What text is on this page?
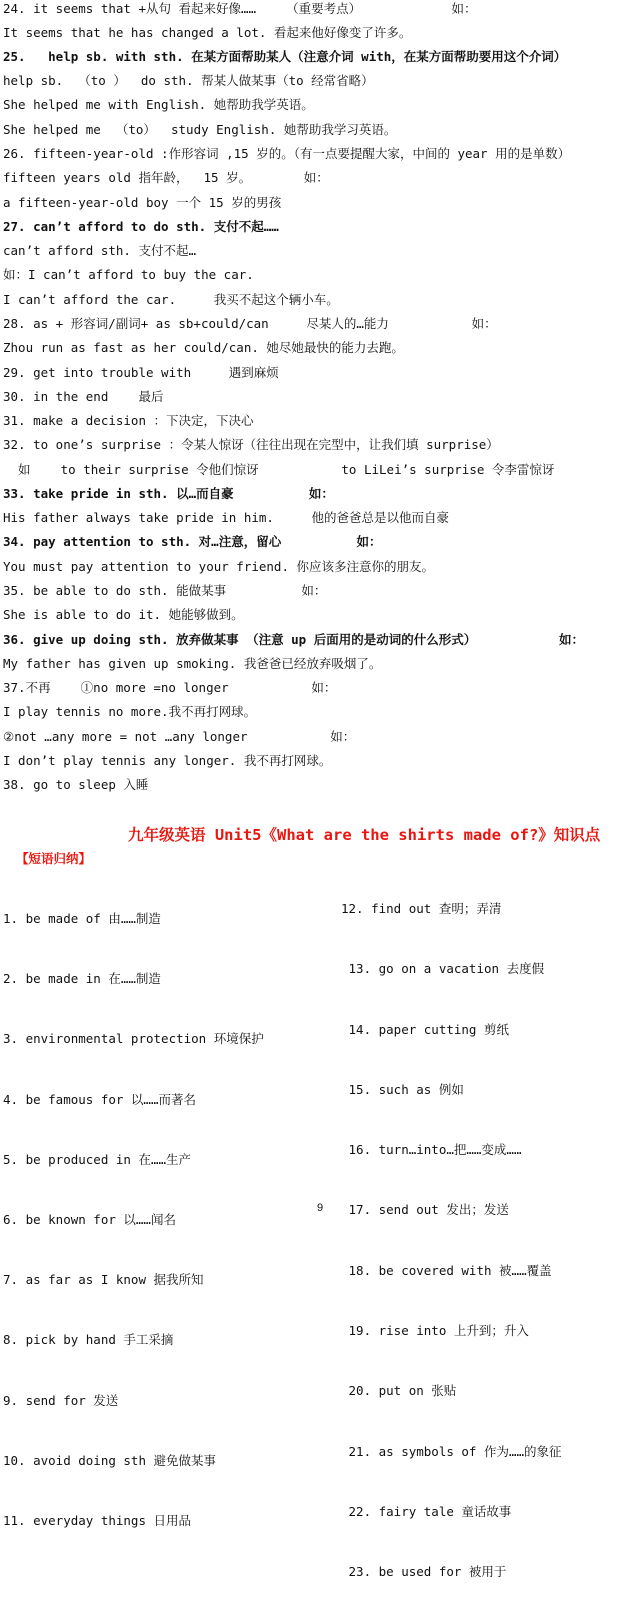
24. it seems that +从句 看起来好像……    （重要考点）            如：
It seems that he has changed a lot. 看起来他好像变了许多。
25.   help sb. with sth. 在某方面帮助某人（注意介词 with，在某方面帮助要用这个介词）
help sb.  （to ）  do sth. 帮某人做某事（to 经常省略）
She helped me with English. 她帮助我学英语。
She helped me  （to）  study English. 她帮助我学习英语。
26. fifteen-year-old :作形容词 ,15 岁的。（有一点要提醒大家，中间的 year 用的是单数）
fifteen years old 指年龄，  15 岁。       如：
a fifteen-year-old boy 一个 15 岁的男孩
27. can’t afford to do sth. 支付不起……
can’t afford sth. 支付不起…
如：I can’t afford to buy the car.
I can’t afford the car.     我买不起这个辆小车。
28. as + 形容词/副词+ as sb+could/can     尽某人的…能力           如：
Zhou run as fast as her could/can. 她尽她最快的能力去跑。
29. get into trouble with     遇到麻烦
30. in the end    最后
31. make a decision ：下决定，下决心
32. to one’s surprise ：令某人惊讶（往往出现在完型中，让我们填 surprise）
如    to their surprise 令他们惊讶           to LiLei’s surprise 令李雷惊讶
33. take pride in sth. 以…而自豪          如：
His father always take pride in him.     他的爸爸总是以他而自豪
34. pay attention to sth. 对…注意，留心          如：
You must pay attention to your friend. 你应该多注意你的朋友。
35. be able to do sth. 能做某事          如：
She is able to do it. 她能够做到。
36. give up doing sth. 放弃做某事 （注意 up 后面用的是动词的什么形式）           如：
My father has given up smoking. 我爸爸已经放弃吸烟了。
37.不再    ①no more =no longer           如：
I play tennis no more.我不再打网球。
②not …any more = not …any longer           如：
I don’t play tennis any longer. 我不再打网球。
38. go to sleep 入睡
九年级英语 Unit5《What are the shirts made of?》知识点
【短语归纳】

1. be made of 由……制造

2. be made in 在……制造

3. environmental protection 环境保护

4. be famous for 以……而著名

5. be produced in 在……生产

6. be known for 以……闻名

7. as far as I know 据我所知

8. pick by hand 手工采摘

9. send for 发送

10. avoid doing sth 避免做某事

11. everyday things 日用品

12. find out 查明；弄清

13. go on a vacation 去度假

14. paper cutting 剪纸

15. such as 例如

16. turn…into…把……变成……

17. send out 发出；发送

18. be covered with 被……覆盖

19. rise into 上升到；升入

20. put on 张贴

21. as symbols of 作为……的象征

22. fairy tale 童话故事

23. be used for 被用于

9
